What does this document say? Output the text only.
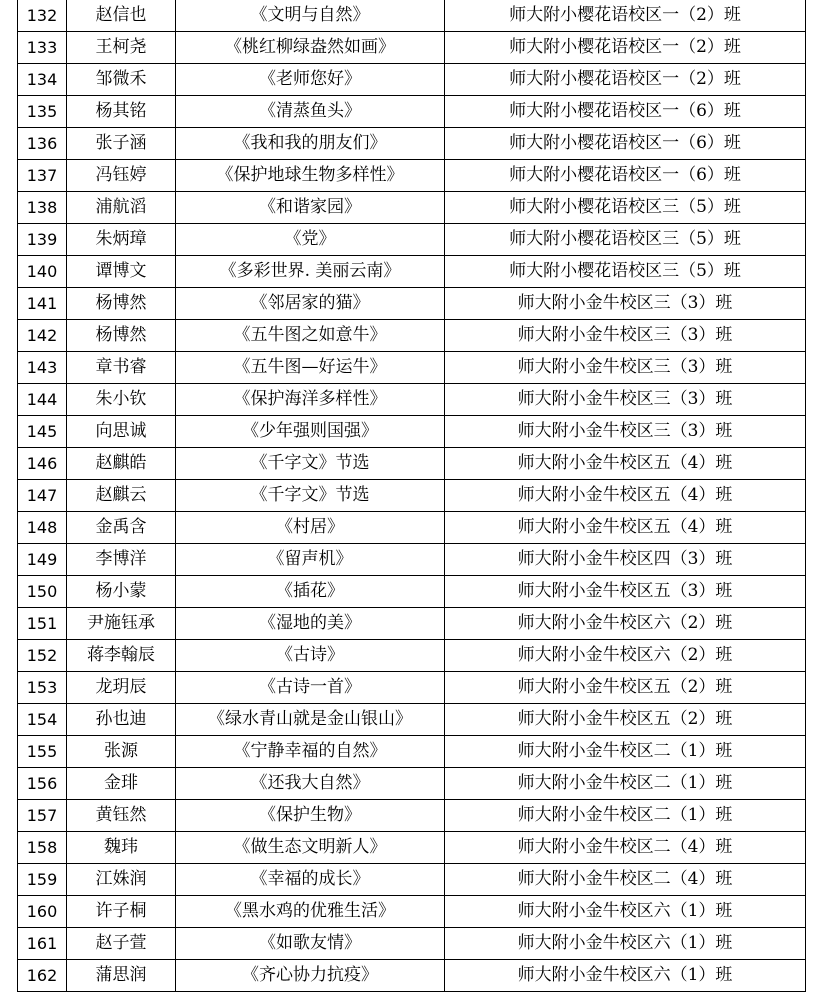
132	赵信也	《文明与自然》	师大附小樱花语校区一（2）班
133	王柯尧	《桃红柳绿盎然如画》	师大附小樱花语校区一（2）班
134	邹微禾	《老师您好》	师大附小樱花语校区一（2）班
135	杨其铭	《清蒸鱼头》	师大附小樱花语校区一（6）班
136	张子涵	《我和我的朋友们》	师大附小樱花语校区一（6）班
137	冯钰婷	《保护地球生物多样性》	师大附小樱花语校区一（6）班
138	浦航滔	《和谐家园》	师大附小樱花语校区三（5）班
139	朱炳璋	《党》	师大附小樱花语校区三（5）班
140	谭博文	《多彩世界. 美丽云南》	师大附小樱花语校区三（5）班
141	杨博然	《邻居家的猫》	师大附小金牛校区三（3）班
142	杨博然	《五牛图之如意牛》	师大附小金牛校区三（3）班
143	章书睿	《五牛图—好运牛》	师大附小金牛校区三（3）班
144	朱小钦	《保护海洋多样性》	师大附小金牛校区三（3）班
145	向思诚	《少年强则国强》	师大附小金牛校区三（3）班
146	赵麒皓	《千字文》节选	师大附小金牛校区五（4）班
147	赵麒云	《千字文》节选	师大附小金牛校区五（4）班
148	金禹含	《村居》	师大附小金牛校区五（4）班
149	李博洋	《留声机》	师大附小金牛校区四（3）班
150	杨小蒙	《插花》	师大附小金牛校区五（3）班
151	尹施钰承	《湿地的美》	师大附小金牛校区六（2）班
152	蒋李翰辰	《古诗》	师大附小金牛校区六（2）班
153	龙玥辰	《古诗一首》	师大附小金牛校区五（2）班
154	孙也迪	《绿水青山就是金山银山》	师大附小金牛校区五（2）班
155	张源	《宁静幸福的自然》	师大附小金牛校区二（1）班
156	金琲	《还我大自然》	师大附小金牛校区二（1）班
157	黄钰然	《保护生物》	师大附小金牛校区二（1）班
158	魏玮	《做生态文明新人》	师大附小金牛校区二（4）班
159	江姝润	《幸福的成长》	师大附小金牛校区二（4）班
160	许子桐	《黑水鸡的优雅生活》	师大附小金牛校区六（1）班
161	赵子萱	《如歌友情》	师大附小金牛校区六（1）班
162	蒲思润	《齐心协力抗疫》	师大附小金牛校区六（1）班
